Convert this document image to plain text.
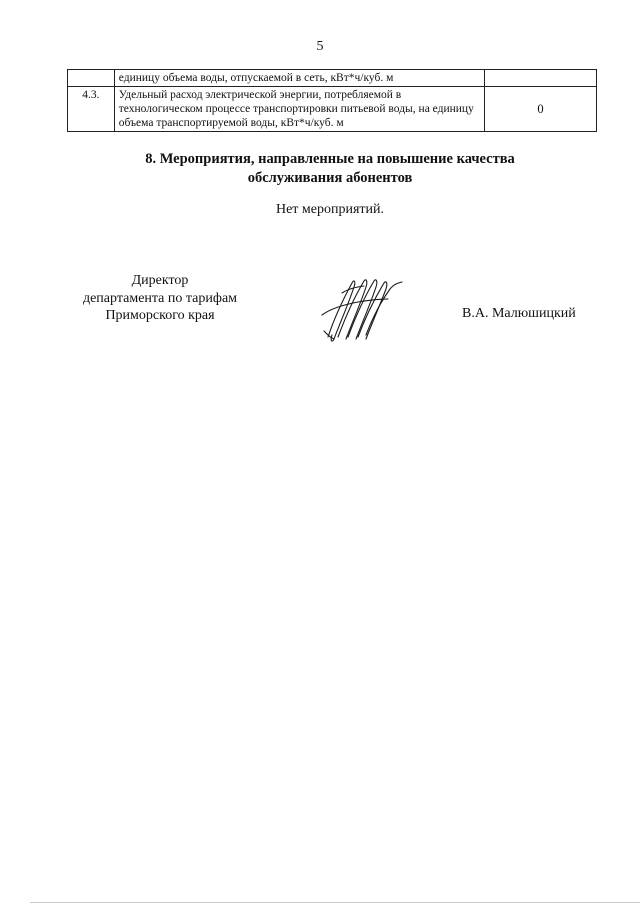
5
	единицу объема воды, отпускаемой в сеть, кВт*ч/куб. м	
4.3.	Удельный расход электрической энергии, потребляемой в технологическом процессе транспортировки питьевой воды, на единицу объема транспортируемой воды, кВт*ч/куб. м	0
8. Мероприятия, направленные на повышение качества
обслуживания абонентов
Нет мероприятий.
Директор
департамента по тарифам
Приморского края	В.А. Малюшицкий
